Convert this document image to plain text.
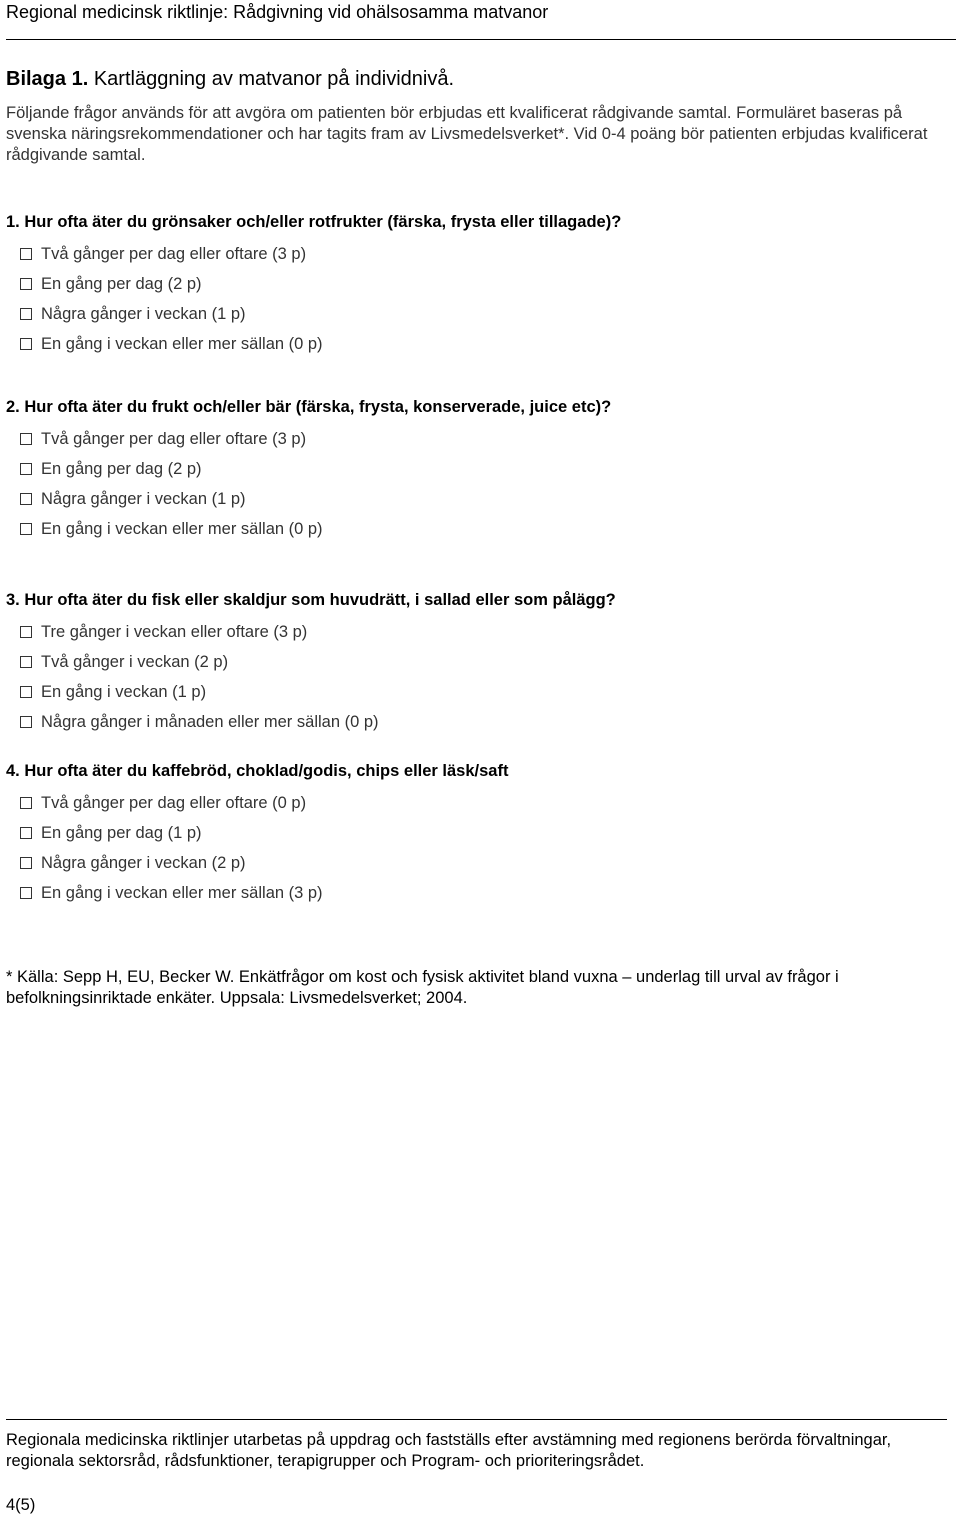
Regional medicinsk riktlinje: Rådgivning vid ohälsosamma matvanor
Bilaga 1. Kartläggning av matvanor på individnivå.
Följande frågor används för att avgöra om patienten bör erbjudas ett kvalificerat rådgivande samtal. Formuläret baseras på svenska näringsrekommendationer och har tagits fram av Livsmedelsverket*. Vid 0-4 poäng bör patienten erbjudas kvalificerat rådgivande samtal.
1. Hur ofta äter du grönsaker och/eller rotfrukter (färska, frysta eller tillagade)?
Två gånger per dag eller oftare (3 p)
En gång per dag (2 p)
Några gånger i veckan (1 p)
En gång i veckan eller mer sällan (0 p)
2. Hur ofta äter du frukt och/eller bär (färska, frysta, konserverade, juice etc)?
Två gånger per dag eller oftare (3 p)
En gång per dag (2 p)
Några gånger i veckan (1 p)
En gång i veckan eller mer sällan (0 p)
3. Hur ofta äter du fisk eller skaldjur som huvudrätt, i sallad eller som pålägg?
Tre gånger i veckan eller oftare (3 p)
Två gånger i veckan (2 p)
En gång i veckan (1 p)
Några gånger i månaden eller mer sällan (0 p)
4. Hur ofta äter du kaffebröd, choklad/godis, chips eller läsk/saft
Två gånger per dag eller oftare (0 p)
En gång per dag (1 p)
Några gånger i veckan (2 p)
En gång i veckan eller mer sällan (3 p)
* Källa: Sepp H, EU, Becker W. Enkätfrågor om kost och fysisk aktivitet bland vuxna – underlag till urval av frågor i befolkningsinriktade enkäter. Uppsala: Livsmedelsverket; 2004.
Regionala medicinska riktlinjer utarbetas på uppdrag och fastställs efter avstämning med regionens berörda förvaltningar, regionala sektorsråd, rådsfunktioner, terapigrupper och Program- och prioriteringsrådet.
4(5)
